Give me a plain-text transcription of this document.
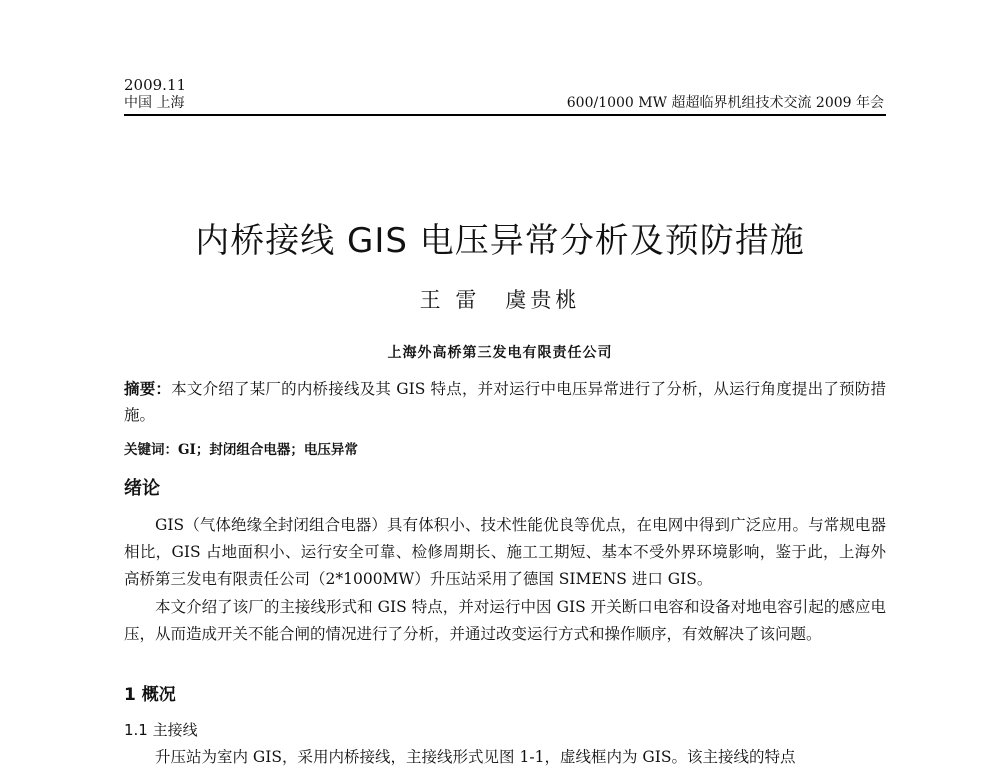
2009.11
中国 上海	600/1000 MW 超超临界机组技术交流 2009 年会
内桥接线 GIS 电压异常分析及预防措施
王 雷　虞贵桃
上海外高桥第三发电有限责任公司
摘要：本文介绍了某厂的内桥接线及其 GIS 特点，并对运行中电压异常进行了分析，从运行角度提出了预防措施。
关键词：GI；封闭组合电器；电压异常
绪论
GIS（气体绝缘全封闭组合电器）具有体积小、技术性能优良等优点，在电网中得到广泛应用。与常规电器相比，GIS 占地面积小、运行安全可靠、检修周期长、施工工期短、基本不受外界环境影响，鉴于此，上海外高桥第三发电有限责任公司（2*1000MW）升压站采用了德国 SIMENS 进口 GIS。
本文介绍了该厂的主接线形式和 GIS 特点，并对运行中因 GIS 开关断口电容和设备对地电容引起的感应电压，从而造成开关不能合闸的情况进行了分析，并通过改变运行方式和操作顺序，有效解决了该问题。
1 概况
1.1 主接线
升压站为室内 GIS，采用内桥接线，主接线形式见图 1-1，虚线框内为 GIS。该主接线的特点
